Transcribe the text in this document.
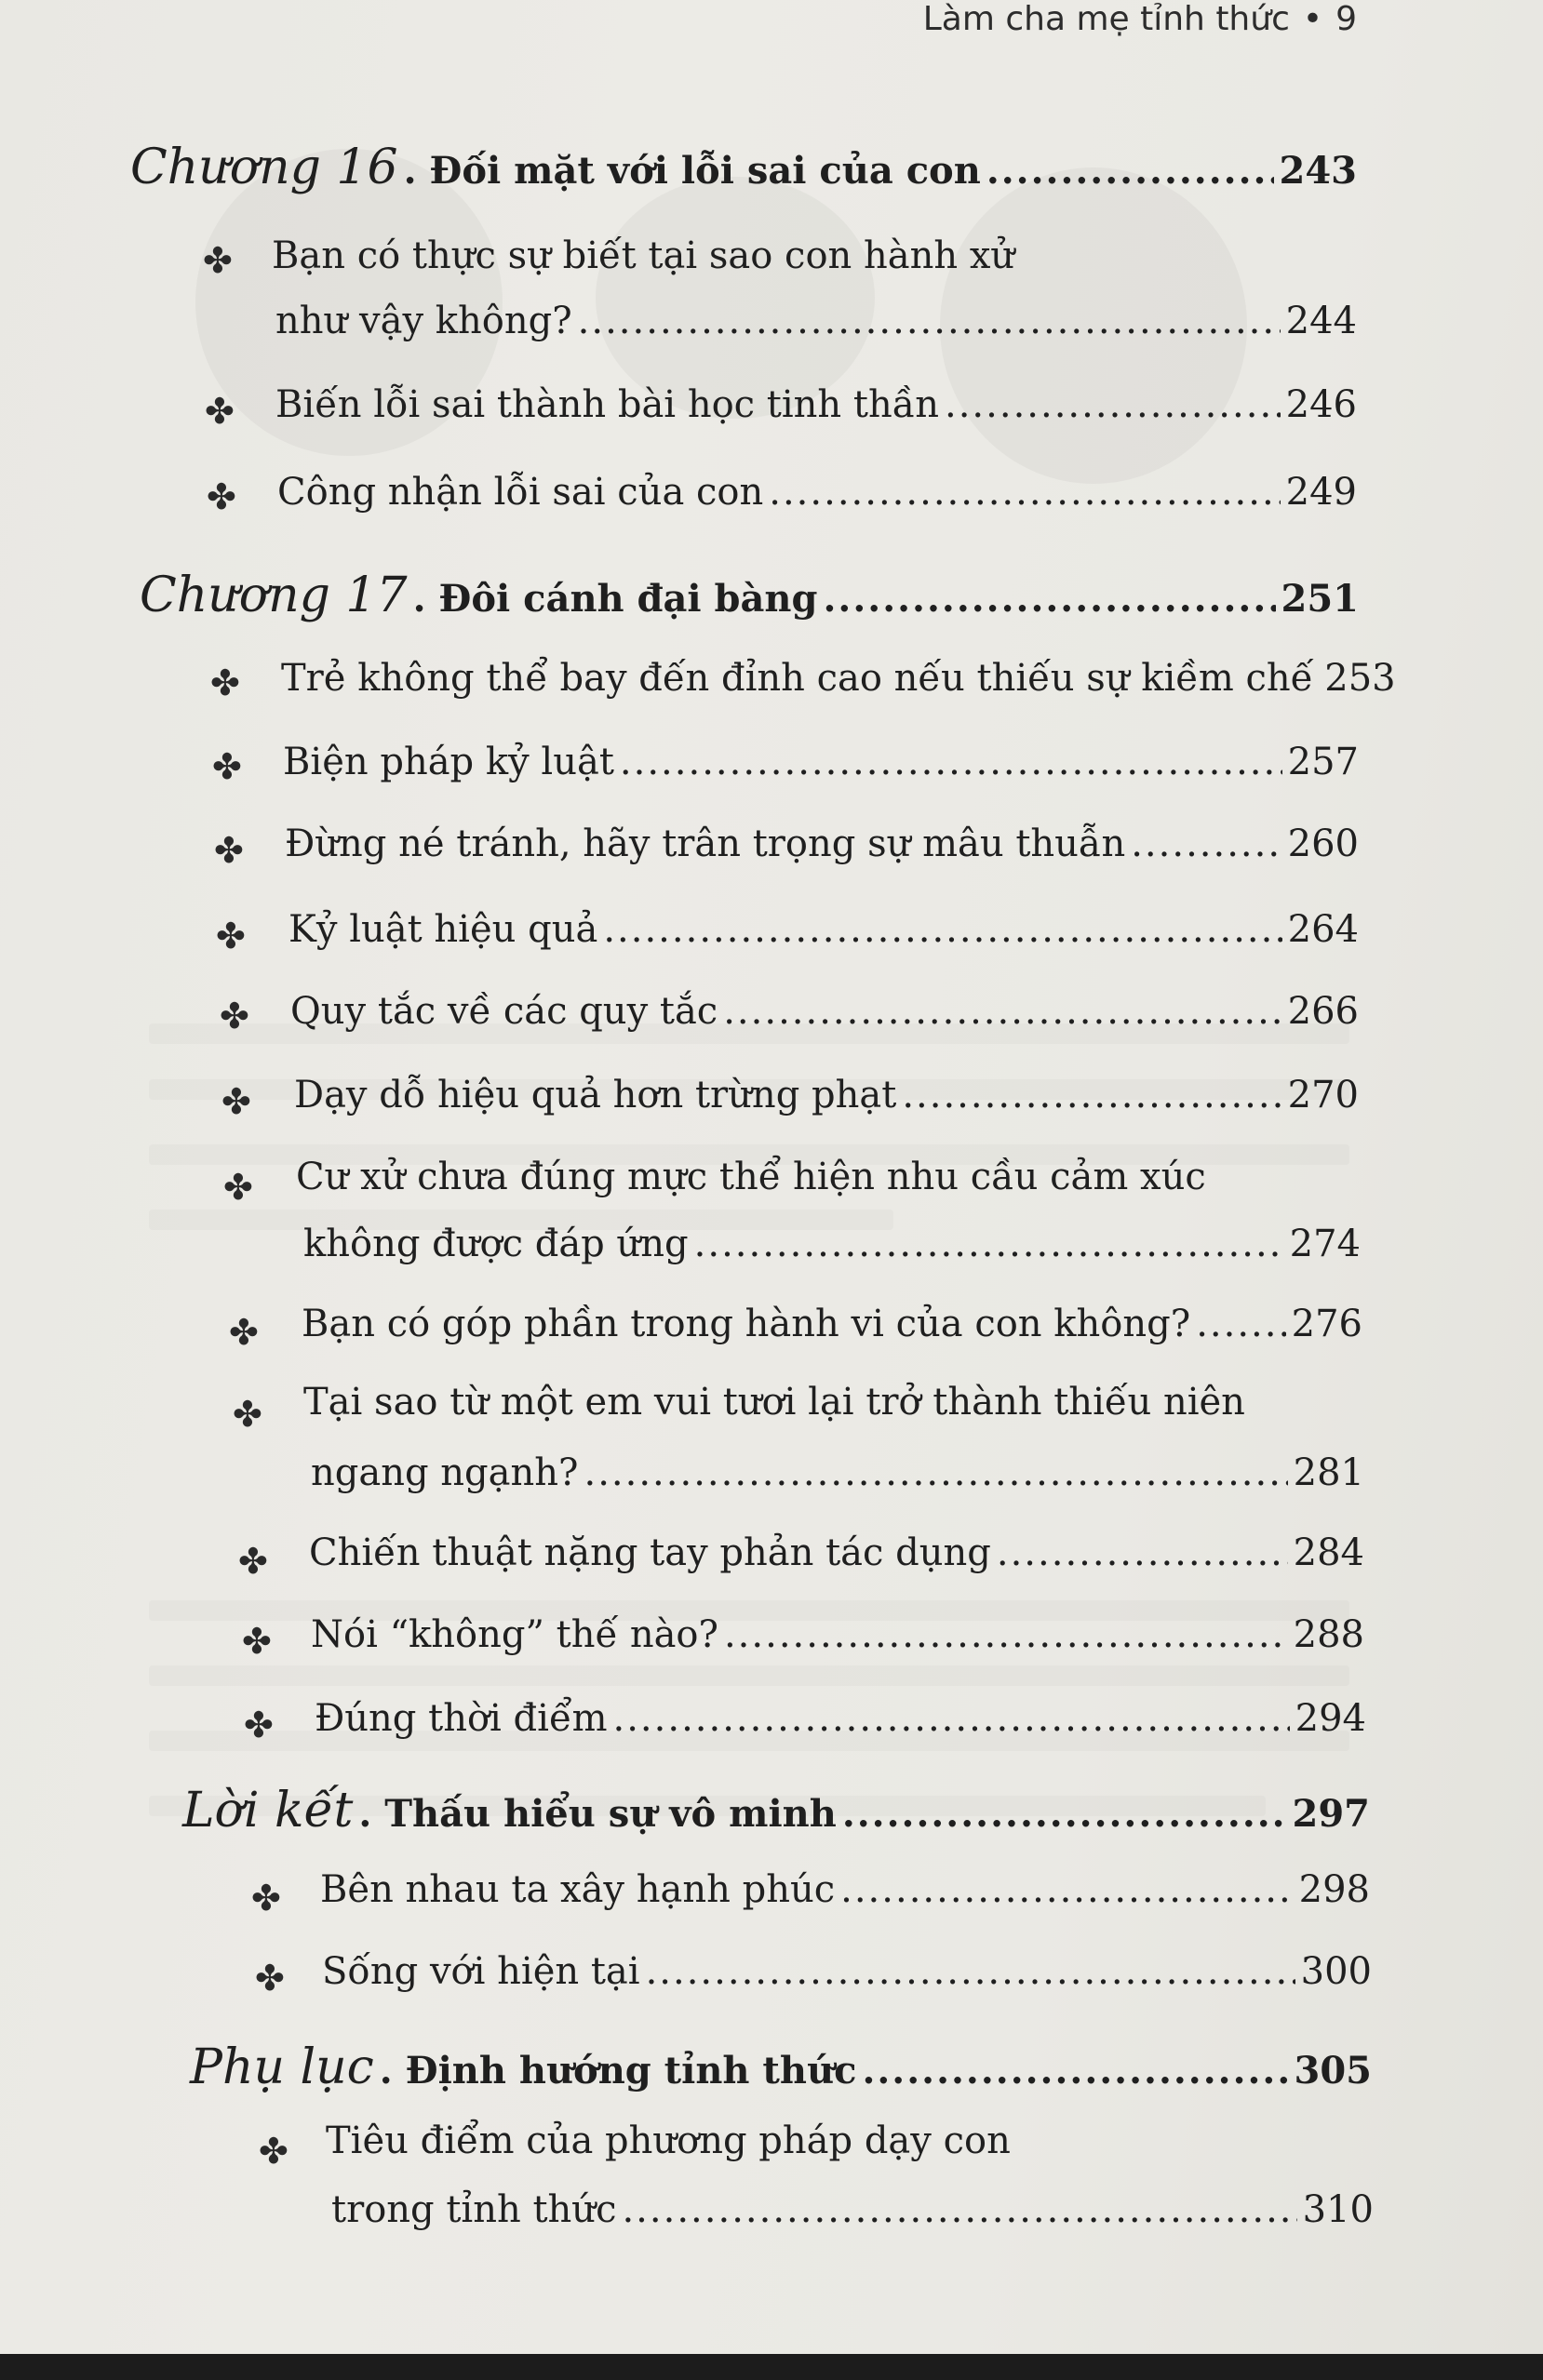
Làm cha mẹ tỉnh thức • 9
Chương 16 . Đối mặt với lỗi sai của con .....	243
✤ Bạn có thực sự biết tại sao con hành xử
như vậy không? .....	244
✤ Biến lỗi sai thành bài học tinh thần .....	246
✤ Công nhận lỗi sai của con .....	249
Chương 17 . Đôi cánh đại bàng .....	251
✤ Trẻ không thể bay đến đỉnh cao nếu thiếu sự kiềm chế 253
✤ Biện pháp kỷ luật .....	257
✤ Đừng né tránh, hãy trân trọng sự mâu thuẫn .....	260
✤ Kỷ luật hiệu quả .....	264
✤ Quy tắc về các quy tắc .....	266
✤ Dạy dỗ hiệu quả hơn trừng phạt .....	270
✤ Cư xử chưa đúng mực thể hiện nhu cầu cảm xúc
không được đáp ứng .....	274
✤ Bạn có góp phần trong hành vi của con không? .....	276
✤ Tại sao từ một em vui tươi lại trở thành thiếu niên
ngang ngạnh? .....	281
✤ Chiến thuật nặng tay phản tác dụng .....	284
✤ Nói “không” thế nào? .....	288
✤ Đúng thời điểm .....	294
Lời kết . Thấu hiểu sự vô minh .....	297
✤ Bên nhau ta xây hạnh phúc .....	298
✤ Sống với hiện tại .....	300
Phụ lục . Định hướng tỉnh thức .....	305
✤ Tiêu điểm của phương pháp dạy con
trong tỉnh thức .....	310
